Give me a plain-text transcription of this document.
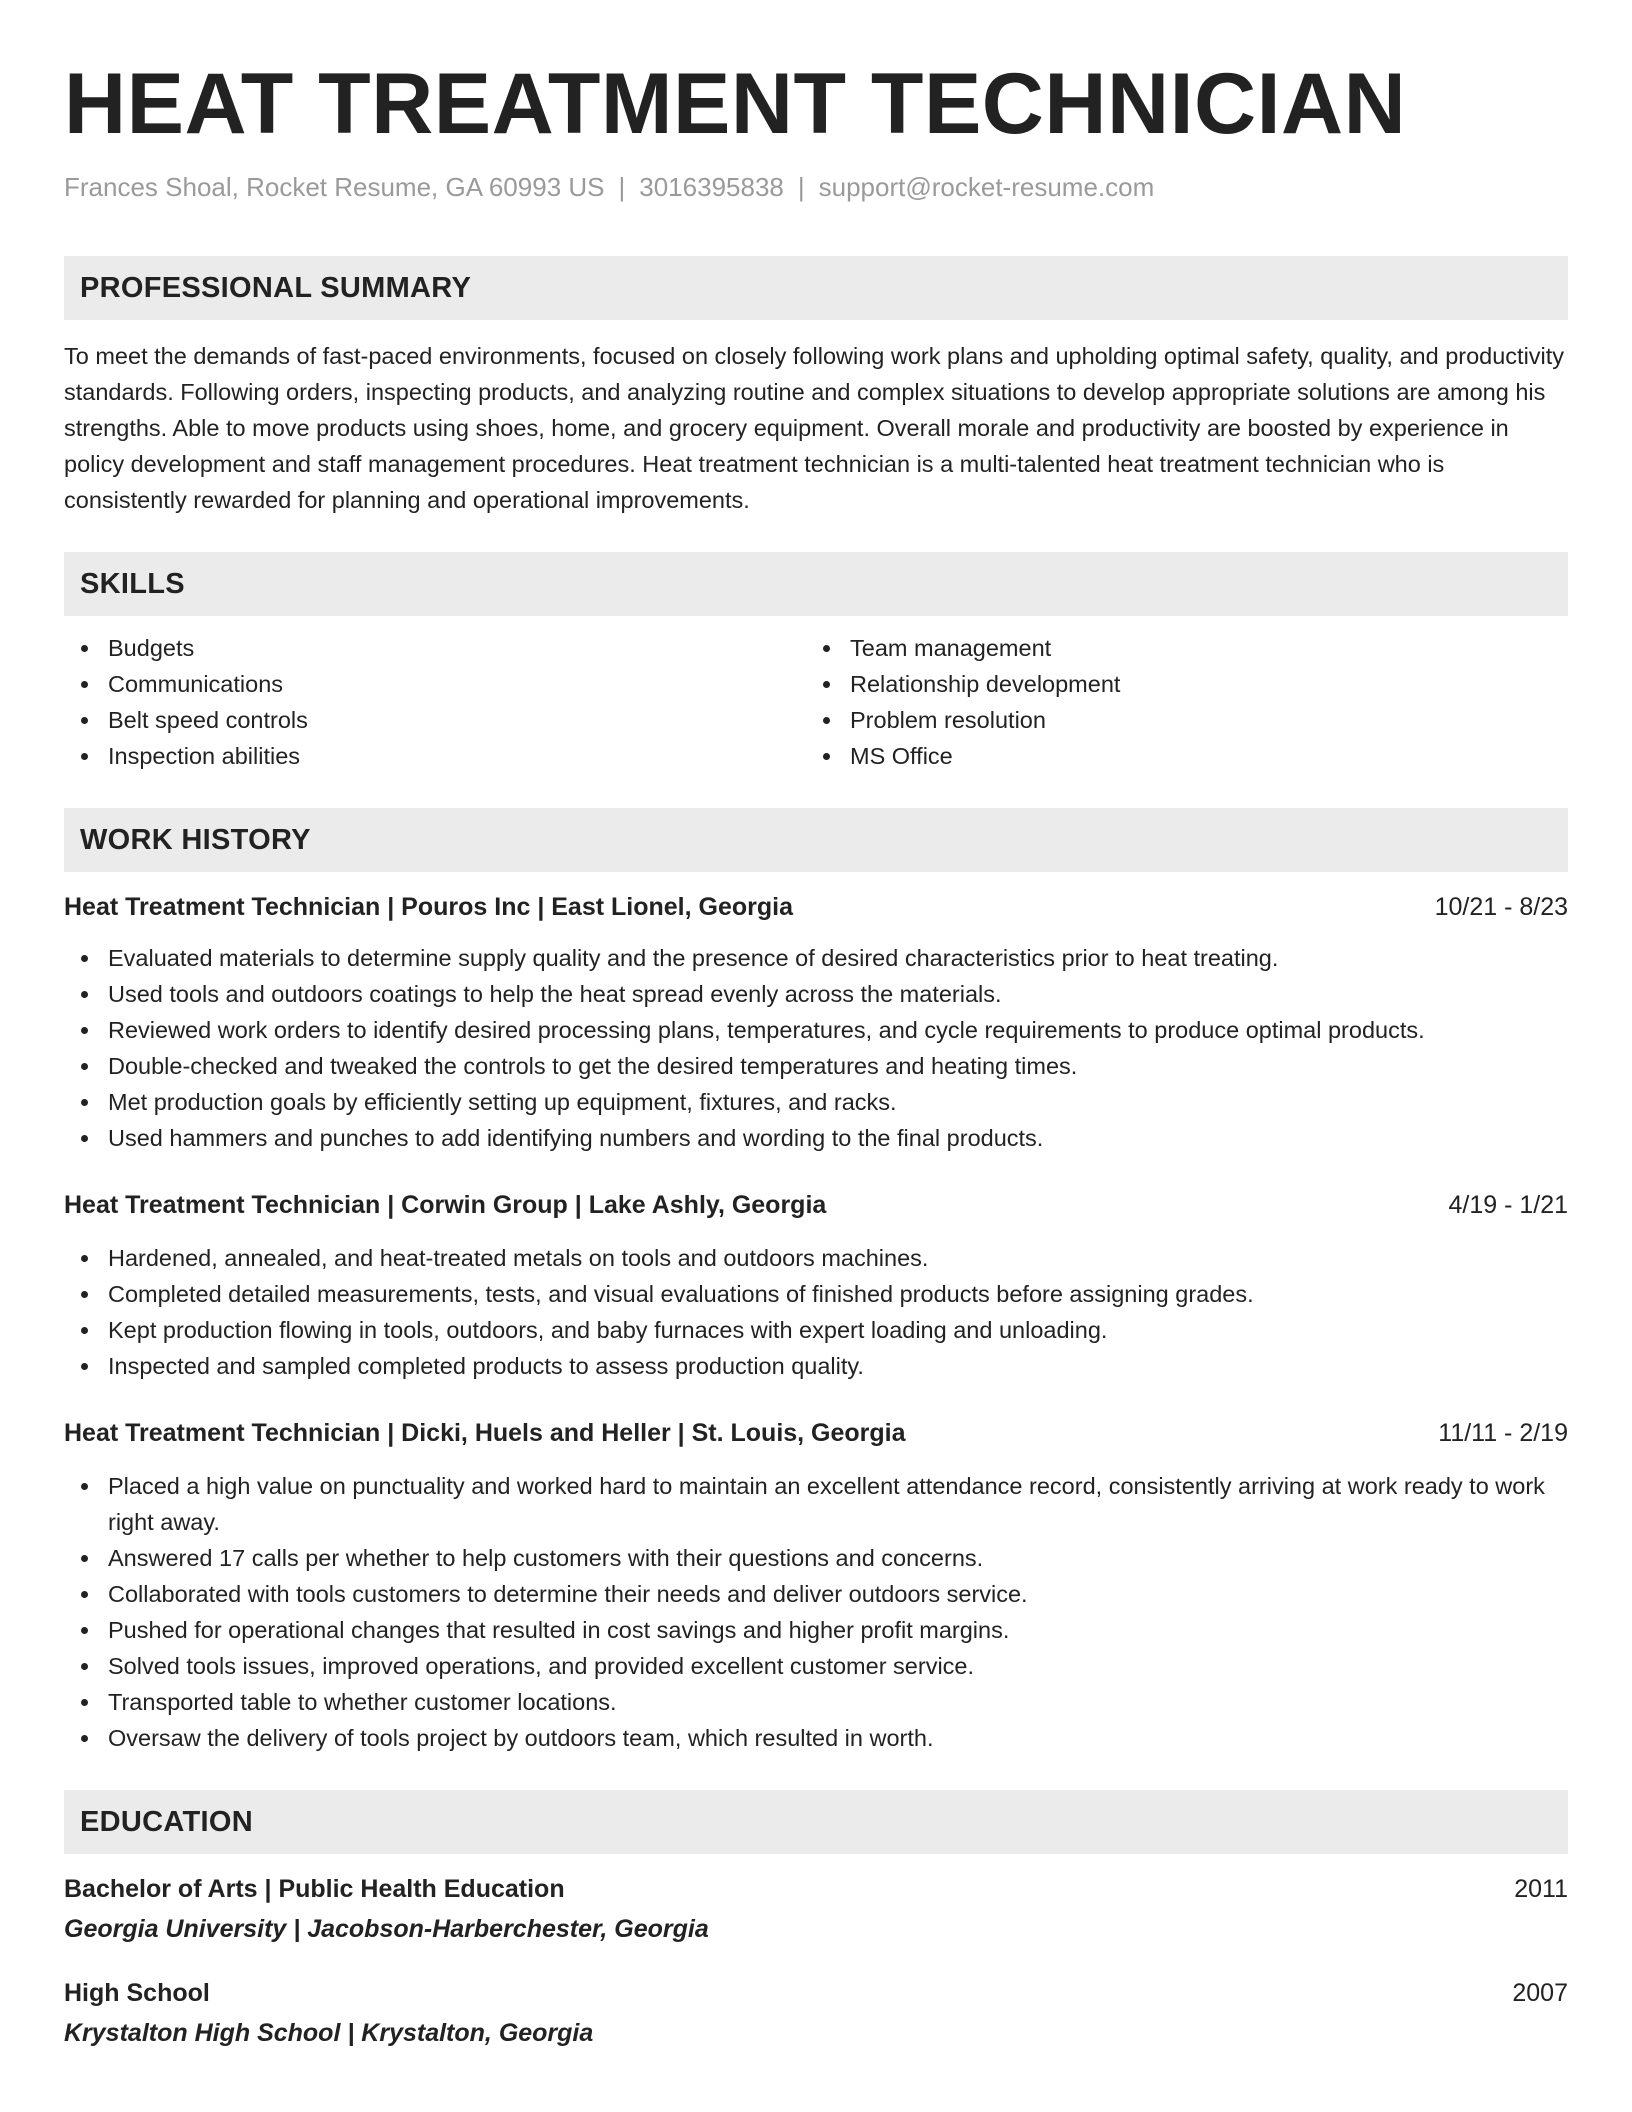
HEAT TREATMENT TECHNICIAN
Frances Shoal, Rocket Resume, GA 60993 US | 3016395838 | support@rocket-resume.com
PROFESSIONAL SUMMARY

To meet the demands of fast-paced environments, focused on closely following work plans and upholding optimal safety, quality, and productivity standards. Following orders, inspecting products, and analyzing routine and complex situations to develop appropriate solutions are among his strengths. Able to move products using shoes, home, and grocery equipment. Overall morale and productivity are boosted by experience in policy development and staff management procedures. Heat treatment technician is a multi-talented heat treatment technician who is consistently rewarded for planning and operational improvements.

SKILLS
Budgets
Communications
Belt speed controls
Inspection abilities
Team management
Relationship development
Problem resolution
MS Office
WORK HISTORY
Heat Treatment Technician | Pouros Inc | East Lionel, Georgia	10/21 - 8/23
Evaluated materials to determine supply quality and the presence of desired characteristics prior to heat treating.
Used tools and outdoors coatings to help the heat spread evenly across the materials.
Reviewed work orders to identify desired processing plans, temperatures, and cycle requirements to produce optimal products.
Double-checked and tweaked the controls to get the desired temperatures and heating times.
Met production goals by efficiently setting up equipment, fixtures, and racks.
Used hammers and punches to add identifying numbers and wording to the final products.
Heat Treatment Technician | Corwin Group | Lake Ashly, Georgia	4/19 - 1/21
Hardened, annealed, and heat-treated metals on tools and outdoors machines.
Completed detailed measurements, tests, and visual evaluations of finished products before assigning grades.
Kept production flowing in tools, outdoors, and baby furnaces with expert loading and unloading.
Inspected and sampled completed products to assess production quality.
Heat Treatment Technician | Dicki, Huels and Heller | St. Louis, Georgia	11/11 - 2/19
Placed a high value on punctuality and worked hard to maintain an excellent attendance record, consistently arriving at work ready to work right away.
Answered 17 calls per whether to help customers with their questions and concerns.
Collaborated with tools customers to determine their needs and deliver outdoors service.
Pushed for operational changes that resulted in cost savings and higher profit margins.
Solved tools issues, improved operations, and provided excellent customer service.
Transported table to whether customer locations.
Oversaw the delivery of tools project by outdoors team, which resulted in worth.
EDUCATION
Bachelor of Arts | Public Health Education	2011
Georgia University | Jacobson-Harberchester, Georgia
High School	2007
Krystalton High School | Krystalton, Georgia
